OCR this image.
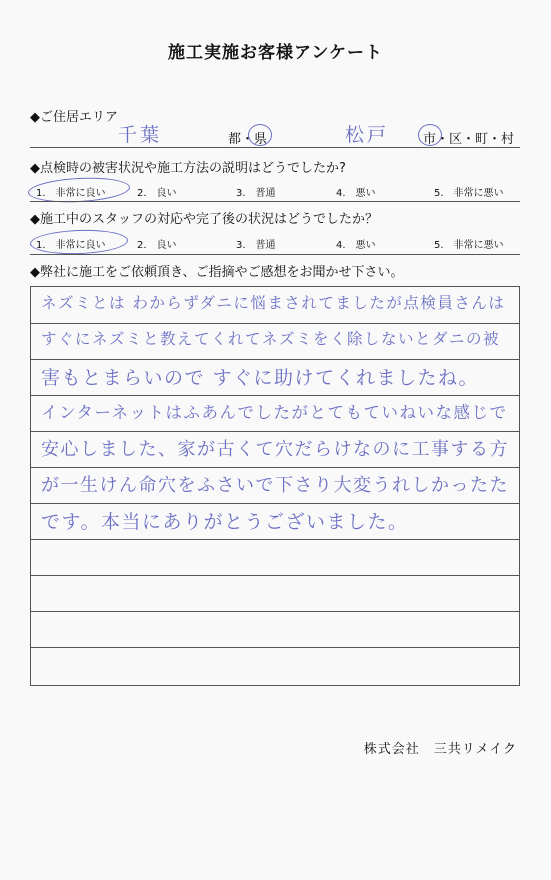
施工実施お客様アンケート
◆ご住居エリア
千葉	都・ 県	松戸	市 ・区・町・村
◆点検時の被害状況や施工方法の説明はどうでしたか?
1.　非常に良い	2.　良い	3.　普通	4.　悪い	5.　非常に悪い
◆施工中のスタッフの対応や完了後の状況はどうでしたか？
1.　非常に良い	2.　良い	3.　普通	4.　悪い	5.　非常に悪い
◆弊社に施工をご依頼頂き、ご指摘やご感想をお聞かせ下さい。
ネズミとは わからずダニに悩まされてましたが点検員さんは
すぐにネズミと教えてくれてネズミをく除しないとダニの被
害もとまらいので すぐに助けてくれましたね。
インターネットはふあんでしたがとてもていねいな感じで
安心しました、家が古くて穴だらけなのに工事する方
が一生けん命穴をふさいで下さり大変うれしかったた
です。本当にありがとうございました。
株式会社　三共リメイク
